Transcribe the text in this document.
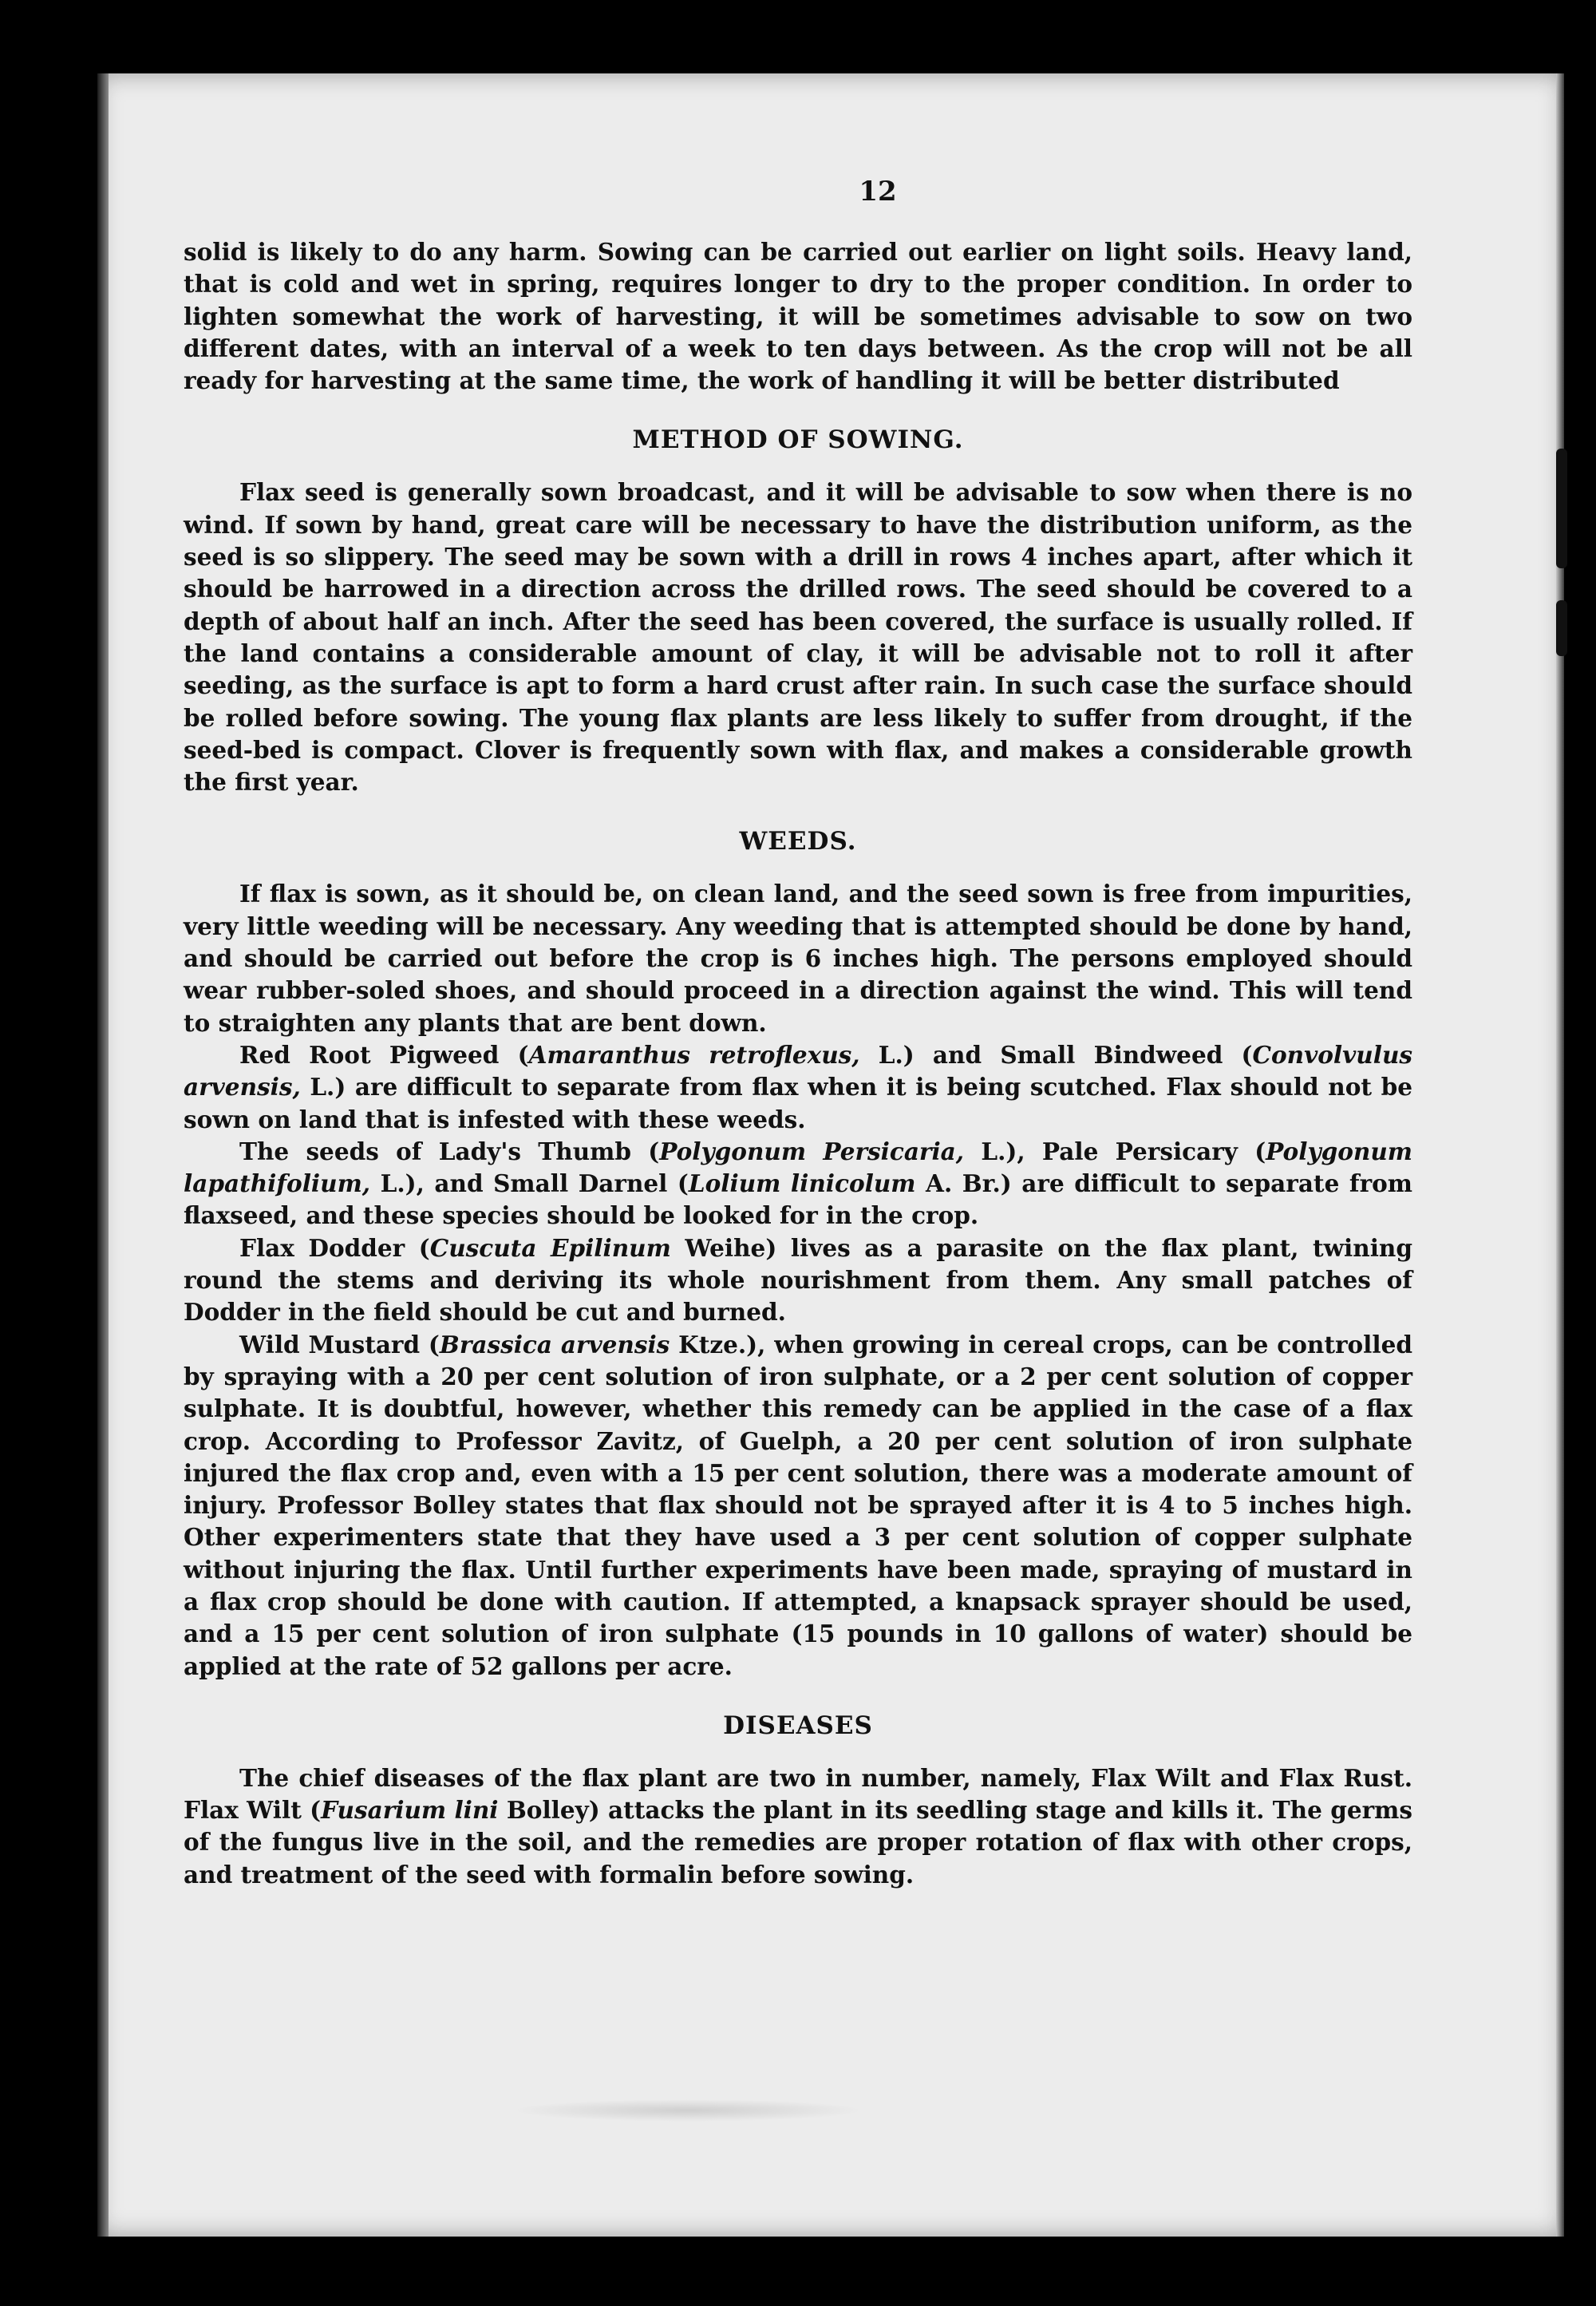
12

solid is likely to do any harm. Sowing can be carried out earlier on light soils. Heavy land, that is cold and wet in spring, requires longer to dry to the proper condition. In order to lighten somewhat the work of harvesting, it will be sometimes advisable to sow on two different dates, with an interval of a week to ten days between. As the crop will not be all ready for harvesting at the same time, the work of handling it will be better distributed

METHOD OF SOWING.

Flax seed is generally sown broadcast, and it will be advisable to sow when there is no wind. If sown by hand, great care will be necessary to have the distribution uniform, as the seed is so slippery. The seed may be sown with a drill in rows 4 inches apart, after which it should be harrowed in a direction across the drilled rows. The seed should be covered to a depth of about half an inch. After the seed has been covered, the surface is usually rolled. If the land contains a considerable amount of clay, it will be advisable not to roll it after seeding, as the surface is apt to form a hard crust after rain. In such case the surface should be rolled before sowing. The young flax plants are less likely to suffer from drought, if the seed-bed is compact. Clover is frequently sown with flax, and makes a considerable growth the first year.

WEEDS.

If flax is sown, as it should be, on clean land, and the seed sown is free from impurities, very little weeding will be necessary. Any weeding that is attempted should be done by hand, and should be carried out before the crop is 6 inches high. The persons employed should wear rubber-soled shoes, and should proceed in a direction against the wind. This will tend to straighten any plants that are bent down.

Red Root Pigweed (Amaranthus retroflexus, L.) and Small Bindweed (Convolvulus arvensis, L.) are difficult to separate from flax when it is being scutched. Flax should not be sown on land that is infested with these weeds.

The seeds of Lady's Thumb (Polygonum Persicaria, L.), Pale Persicary (Polygonum lapathifolium, L.), and Small Darnel (Lolium linicolum A. Br.) are difficult to separate from flaxseed, and these species should be looked for in the crop.

Flax Dodder (Cuscuta Epilinum Weihe) lives as a parasite on the flax plant, twining round the stems and deriving its whole nourishment from them. Any small patches of Dodder in the field should be cut and burned.

Wild Mustard (Brassica arvensis Ktze.), when growing in cereal crops, can be controlled by spraying with a 20 per cent solution of iron sulphate, or a 2 per cent solution of copper sulphate. It is doubtful, however, whether this remedy can be applied in the case of a flax crop. According to Professor Zavitz, of Guelph, a 20 per cent solution of iron sulphate injured the flax crop and, even with a 15 per cent solution, there was a moderate amount of injury. Professor Bolley states that flax should not be sprayed after it is 4 to 5 inches high. Other experimenters state that they have used a 3 per cent solution of copper sulphate without injuring the flax. Until further experiments have been made, spraying of mustard in a flax crop should be done with caution. If attempted, a knapsack sprayer should be used, and a 15 per cent solution of iron sulphate (15 pounds in 10 gallons of water) should be applied at the rate of 52 gallons per acre.

DISEASES

The chief diseases of the flax plant are two in number, namely, Flax Wilt and Flax Rust. Flax Wilt (Fusarium lini Bolley) attacks the plant in its seedling stage and kills it. The germs of the fungus live in the soil, and the remedies are proper rotation of flax with other crops, and treatment of the seed with formalin before sowing.
